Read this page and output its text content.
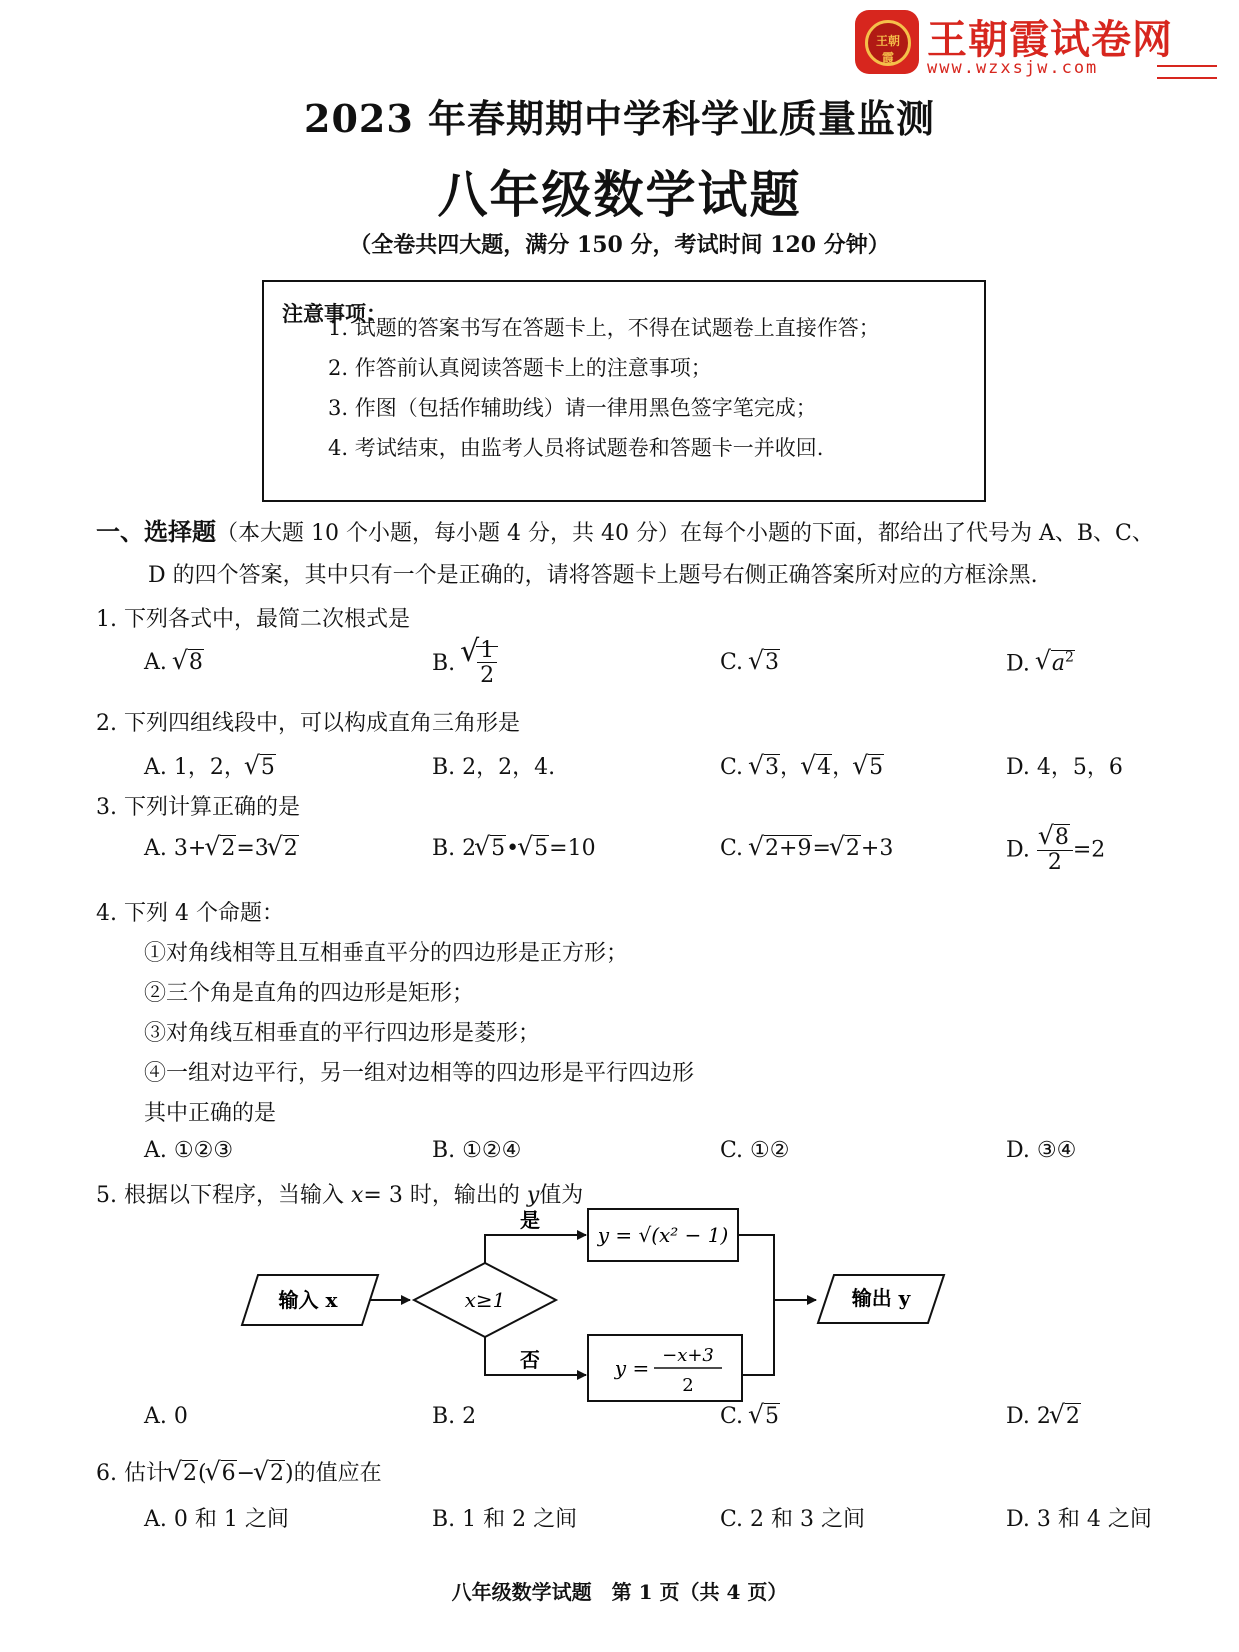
王朝霞 王朝霞试卷网
www.wzxsjw.com
2023 年春期期中学科学业质量监测
八年级数学试题
（全卷共四大题，满分 150 分，考试时间 120 分钟）
注意事项：
1. 试题的答案书写在答题卡上，不得在试题卷上直接作答；
2. 作答前认真阅读答题卡上的注意事项；
3. 作图（包括作辅助线）请一律用黑色签字笔完成；
4. 考试结束，由监考人员将试题卷和答题卡一并收回.
一、选择题（本大题 10 个小题，每小题 4 分，共 40 分）在每个小题的下面，都给出了代号为 A、B、C、
D 的四个答案，其中只有一个是正确的，请将答题卡上题号右侧正确答案所对应的方框涂黑.
1. 下列各式中，最简二次根式是
A. √ 8	B. √ $\frac{1}{2}$	C. √ 3	D. √ $a^2$
2. 下列四组线段中，可以构成直角三角形是
A. 1，2， √ 5	B. 2，2，4.	C. √ 3， √ 4， √ 5	D. 4，5，6
3. 下列计算正确的是
A. 3+ √ 2=3 √ 2	B. 2 √ 5• √ 5=10	C. √ 2+9= √ 2+3	D. √ $\frac{8}{2} =2$
4. 下列 4 个命题：
①对角线相等且互相垂直平分的四边形是正方形；
②三个角是直角的四边形是矩形；
③对角线互相垂直的平行四边形是菱形；
④一组对边平行，另一组对边相等的四边形是平行四边形
其中正确的是
A. ①②③	B. ①②④	C. ①②	D. ③④
5. 根据以下程序，当输入 x= 3 时，输出的 y值为
输入 x	x≥1
是
y = √(x² − 1)
否	y =
−x+3
2
输出 y
A. 0	B. 2	C. √ 5	D. 2 √ 2
6. 估计 √ 2( √ 6− √ 2)的值应在
A. 0 和 1 之间	B. 1 和 2 之间	C. 2 和 3 之间	D. 3 和 4 之间
八年级数学试题　第 1 页（共 4 页）
